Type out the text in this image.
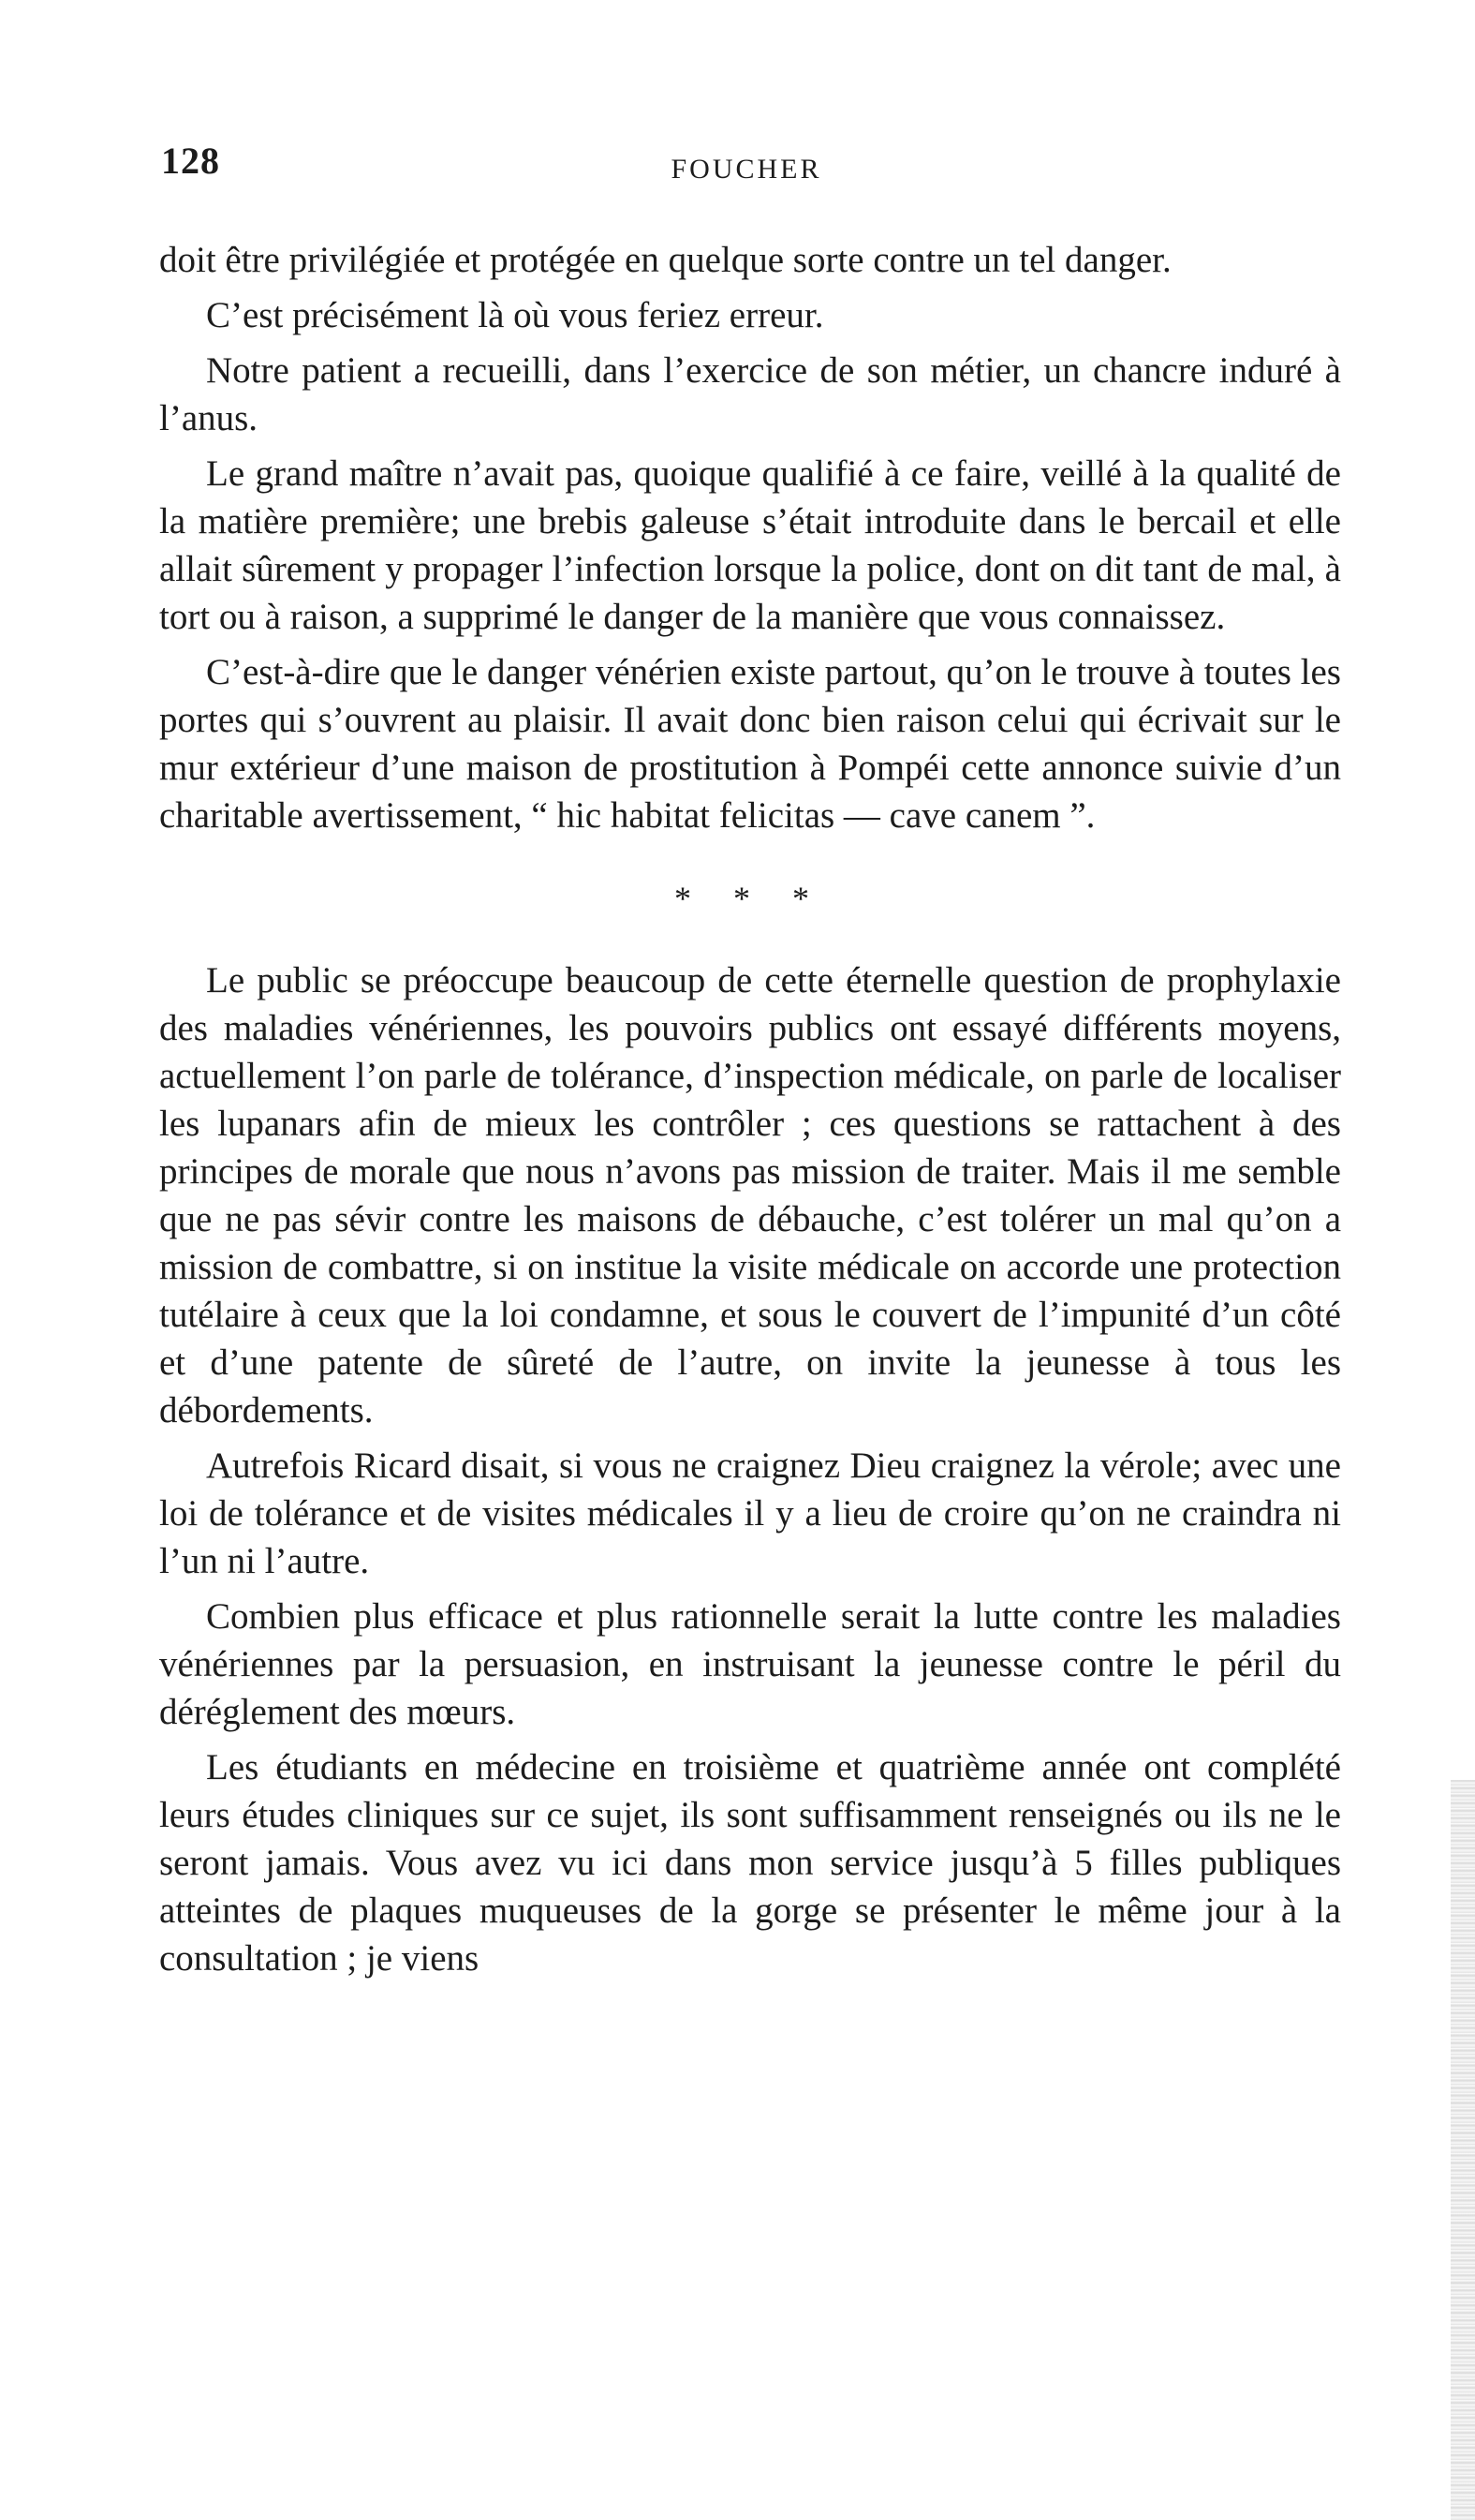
128	FOUCHER

doit être privilégiée et protégée en quelque sorte contre un tel danger.

C’est précisément là où vous feriez erreur.

Notre patient a recueilli, dans l’exercice de son métier, un chancre induré à l’anus.

Le grand maître n’avait pas, quoique qualifié à ce faire, veillé à la qualité de la matière première; une brebis galeuse s’était introduite dans le bercail et elle allait sûrement y propager l’infection lorsque la police, dont on dit tant de mal, à tort ou à raison, a supprimé le danger de la manière que vous connaissez.

C’est-à-dire que le danger vénérien existe partout, qu’on le trouve à toutes les portes qui s’ouvrent au plaisir. Il avait donc bien raison celui qui écrivait sur le mur extérieur d’une maison de prostitution à Pompéi cette annonce suivie d’un charitable avertissement, “ hic habitat felicitas — cave canem ”.

* * *

Le public se préoccupe beaucoup de cette éternelle question de prophylaxie des maladies vénériennes, les pouvoirs publics ont essayé différents moyens, actuellement l’on parle de tolérance, d’inspection médicale, on parle de localiser les lupanars afin de mieux les contrôler ; ces questions se rattachent à des principes de morale que nous n’avons pas mission de traiter. Mais il me semble que ne pas sévir contre les maisons de débauche, c’est tolérer un mal qu’on a mission de combattre, si on institue la visite médicale on accorde une protection tutélaire à ceux que la loi condamne, et sous le couvert de l’impunité d’un côté et d’une patente de sûreté de l’autre, on invite la jeunesse à tous les débordements.

Autrefois Ricard disait, si vous ne craignez Dieu craignez la vérole; avec une loi de tolérance et de visites médicales il y a lieu de croire qu’on ne craindra ni l’un ni l’autre.

Combien plus efficace et plus rationnelle serait la lutte contre les maladies vénériennes par la persuasion, en instruisant la jeunesse contre le péril du déréglement des mœurs.

Les étudiants en médecine en troisième et quatrième année ont complété leurs études cliniques sur ce sujet, ils sont suffisamment renseignés ou ils ne le seront jamais. Vous avez vu ici dans mon service jusqu’à 5 filles publiques atteintes de plaques muqueuses de la gorge se présenter le même jour à la consultation ; je viens
